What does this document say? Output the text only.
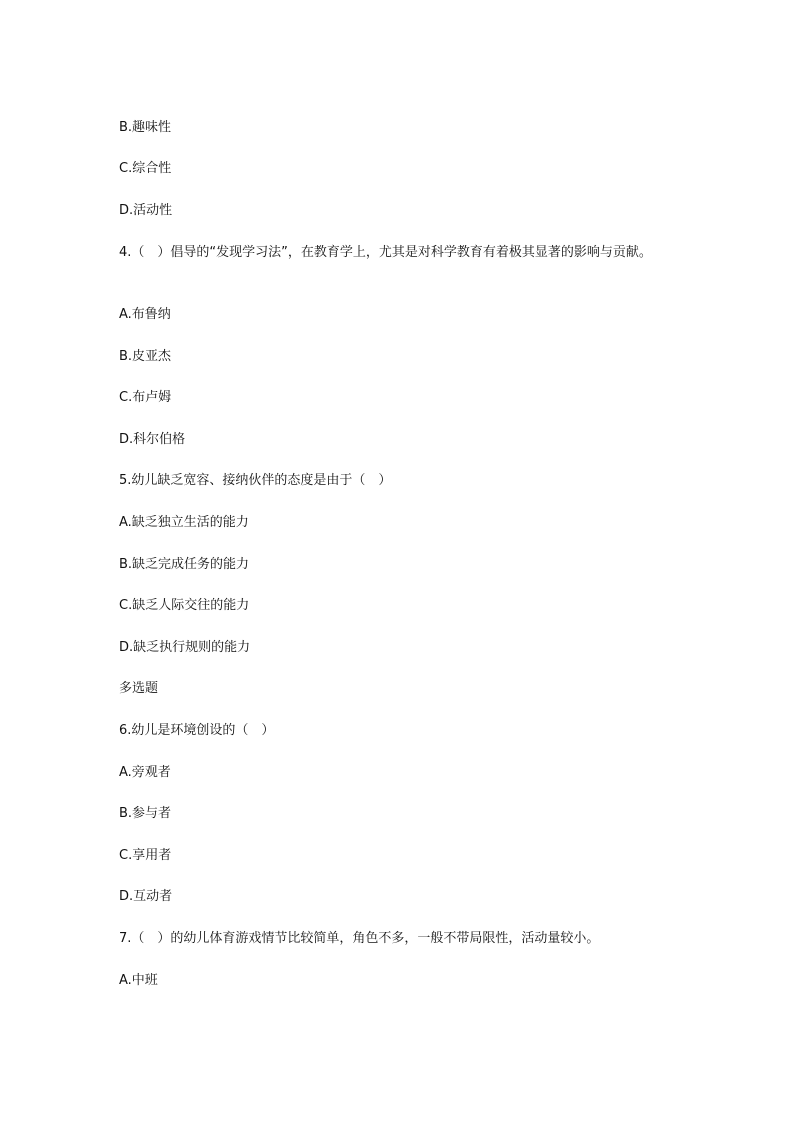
B.趣味性
C.综合性
D.活动性
4.（　）倡导的“发现学习法”，在教育学上，尤其是对科学教育有着极其显著的影响与贡献。
A.布鲁纳
B.皮亚杰
C.布卢姆
D.科尔伯格
5.幼儿缺乏宽容、接纳伙伴的态度是由于（　）
A.缺乏独立生活的能力
B.缺乏完成任务的能力
C.缺乏人际交往的能力
D.缺乏执行规则的能力
多选题
6.幼儿是环境创设的（　）
A.旁观者
B.参与者
C.享用者
D.互动者
7.（　）的幼儿体育游戏情节比较简单，角色不多，一般不带局限性，活动量较小。
A.中班
